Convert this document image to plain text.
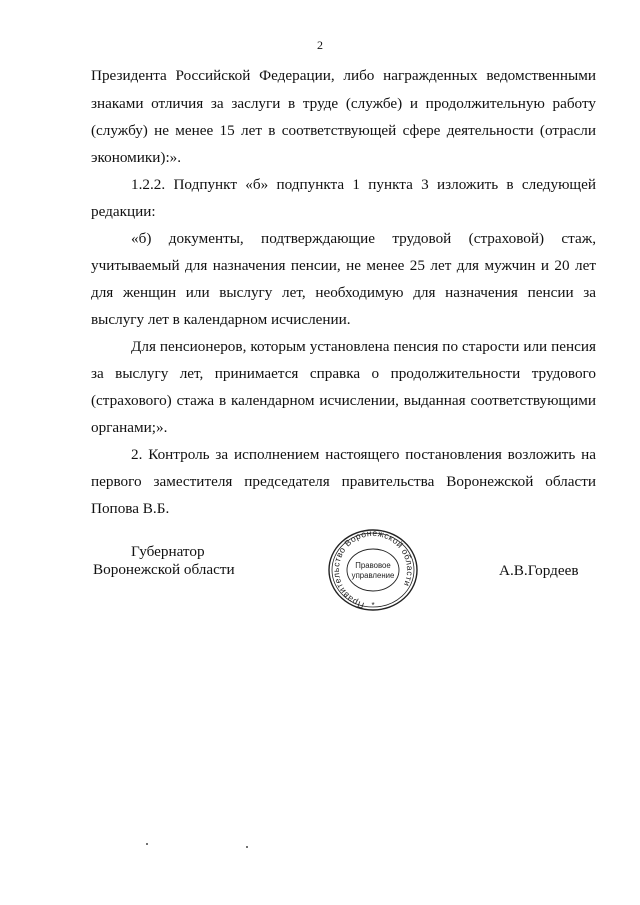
2
Президента Российской Федерации, либо награжденных ведомственными
знаками отличия за заслуги в труде (службе) и продолжительную работу
(службу) не менее 15 лет в соответствующей сфере деятельности (отрасли
экономики):».
1.2.2. Подпункт «б» подпункта 1 пункта 3 изложить в следующей
редакции:
«б) документы, подтверждающие трудовой (страховой) стаж,
учитываемый для назначения пенсии, не менее 25 лет для мужчин и 20 лет
для женщин или выслугу лет, необходимую для назначения пенсии за
выслугу лет в календарном исчислении.
Для пенсионеров, которым установлена пенсия по старости или пенсия
за выслугу лет, принимается справка о продолжительности трудового
(страхового) стажа в календарном исчислении, выданная соответствующими
органами;».
2. Контроль за исполнением настоящего постановления возложить на
первого заместителя председателя правительства Воронежской области
Попова В.Б.
Губернатор
Воронежской области	А.В.Гордеев
Правительство Воронежской области
Правовое
управление
*
